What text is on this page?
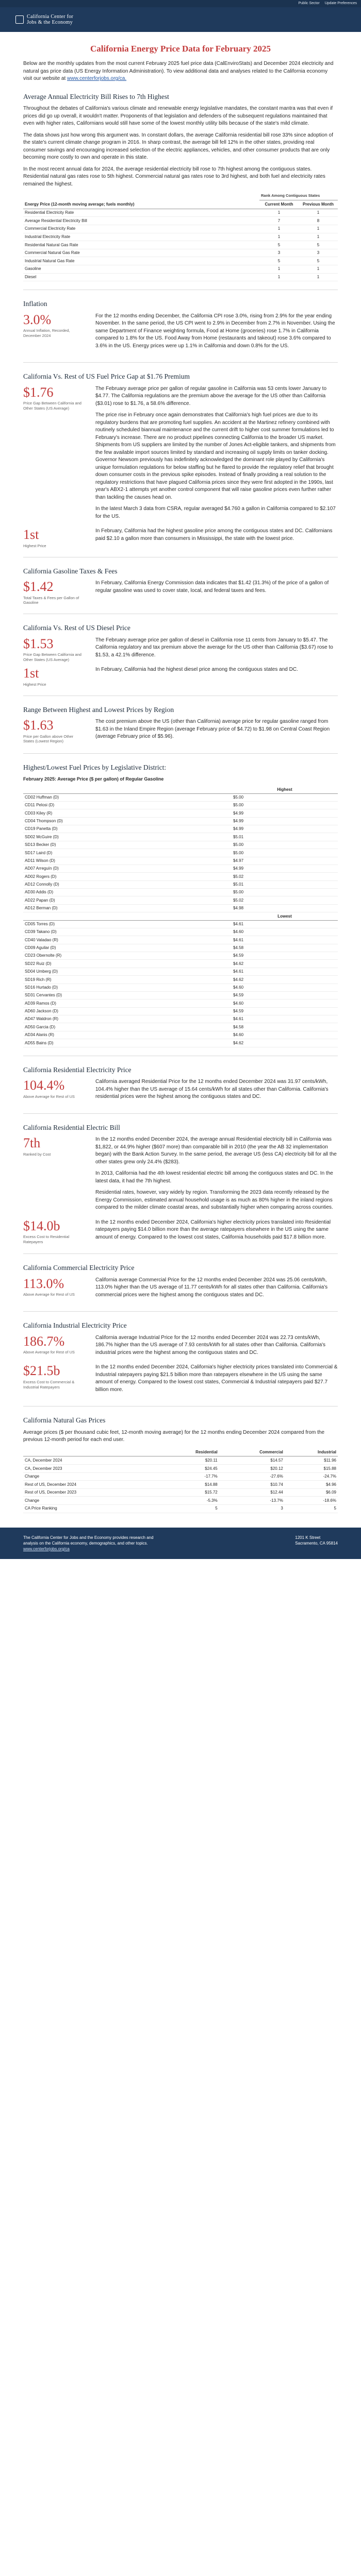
Public Sector Update Preferences
California Center for
Jobs & the Economy
California Energy Price Data for February 2025

Below are the monthly updates from the most current February 2025 fuel price data (CalEnviroStats) and December 2024 electricity and natural gas price data (US Energy Information Administration). To view additional data and analyses related to the California economy visit our website at www.centerforjobs.org/ca.

Average Annual Electricity Bill Rises to 7th Highest

Throughout the debates of California's various climate and renewable energy legislative mandates, the constant mantra was that even if prices did go up overall, it wouldn't matter. Proponents of that legislation and defenders of the subsequent regulations maintained that even with higher rates, Californians would still have some of the lowest monthly utility bills because of the state's mild climate.

The data shows just how wrong this argument was. In constant dollars, the average California residential bill rose 33% since adoption of the state's current climate change program in 2016. In sharp contrast, the average bill fell 12% in the other states, providing real consumer savings and encouraging increased selection of the electric appliances, vehicles, and other consumer products that are only becoming more costly to own and operate in this state.

In the most recent annual data for 2024, the average residential electricity bill rose to 7th highest among the contiguous states. Residential natural gas rates rose to 5th highest. Commercial natural gas rates rose to 3rd highest, and both fuel and electricity rates remained the highest.

Energy Price (12-month moving average; fuels monthly)	Rank Among Contiguous States	
	Current Month	Previous Month
Residential Electricity Rate	1	1
Average Residential Electricity Bill	7	8
Commercial Electricity Rate	1	1
Industrial Electricity Rate	1	1
Residential Natural Gas Rate	5	5
Commercial Natural Gas Rate	3	3
Industrial Natural Gas Rate	5	5
Gasoline	1	1
Diesel	1	1
Inflation
3.0%
Annual Inflation, Recorded, December 2024

For the 12 months ending December, the California CPI rose 3.0%, rising from 2.9% for the year ending November. In the same period, the US CPI went to 2.9% in December from 2.7% in November. Using the same Department of Finance weighting formula, Food at Home (groceries) rose 1.7% in California compared to 1.8% for the US. Food Away from Home (restaurants and takeout) rose 3.6% compared to 3.6% in the US. Energy prices were up 1.1% in California and down 0.8% for the US.

California Vs. Rest of US Fuel Price Gap at $1.76 Premium
$1.76
Price Gap Between California and Other States (US Average)

The February average price per gallon of regular gasoline in California was 53 cents lower January to $4.77. The California regulations are the premium above the average for the US other than California ($3.01) rose to $1.76, a 58.6% difference.

The price rise in February once again demonstrates that California's high fuel prices are due to its regulatory burdens that are promoting fuel supplies. An accident at the Martinez refinery combined with routinely scheduled biannual maintenance and the current drift to higher cost summer formulations led to February's increase. There are no product pipelines connecting California to the broader US market. Shipments from US suppliers are limited by the number of Jones Act-eligible tankers, and shipments from the few available import sources limited by standard and increasing oil supply limits on tanker docking. Governor Newsom previously has indefinitely acknowledged the dominant role played by California's unique formulation regulations for below staffing but he flared to provide the regulatory relief that brought down consumer costs in the previous spike episodes. Instead of finally providing a real solution to the regulatory restrictions that have plagued California prices since they were first adopted in the 1990s, last year's ABX2-1 attempts yet another control component that will raise gasoline prices even further rather than tackling the causes head on.

In the latest March 3 data from CSRA, regular averaged $4.760 a gallon in California compared to $2.107 for the US.

1st
Highest Price

In February, California had the highest gasoline price among the contiguous states and DC. Californians paid $2.10 a gallon more than consumers in Mississippi, the state with the lowest price.

California Gasoline Taxes & Fees
$1.42
Total Taxes & Fees per Gallon of Gasoline

In February, California Energy Commission data indicates that $1.42 (31.3%) of the price of a gallon of regular gasoline was used to cover state, local, and federal taxes and fees.

California Vs. Rest of US Diesel Price
$1.53
Price Gap Between California and Other States (US Average)

The February average price per gallon of diesel in California rose 11 cents from January to $5.47. The California regulatory and tax premium above the average for the US other than California ($3.67) rose to $1.53, a 42.1% difference.

1st
Highest Price

In February, California had the highest diesel price among the contiguous states and DC.

Range Between Highest and Lowest Prices by Region
$1.63
Price per Gallon above Other States (Lowest Region)

The cost premium above the US (other than California) average price for regular gasoline ranged from $1.63 in the Inland Empire Region (average February price of $4.72) to $1.98 on Central Coast Region (average February price of $5.96).

Highest/Lowest Fuel Prices by Legislative District:
February 2025: Average Price ($ per gallon) of Regular Gasoline
	Highest
CD02 Huffman (D)	$5.00
CD11 Pelosi (D)	$5.00
CD03 Kiley (R)	$4.99
CD04 Thompson (D)	$4.99
CD19 Panetta (D)	$4.99
SD02 McGuire (D)	$5.01
SD13 Becker (D)	$5.00
SD17 Laird (D)	$5.00
AD11 Wilson (D)	$4.97
AD07 Arreguín (D)	$4.99
AD02 Rogers (D)	$5.02
AD12 Connolly (D)	$5.01
AD30 Addis (D)	$5.00
AD22 Papan (D)	$5.02
AD12 Berman (D)	$4.98
	Lowest
CD05 Torres (D)	$4.61
CD39 Takano (D)	$4.60
CD40 Valadao (R)	$4.61
CD09 Aguilar (D)	$4.58
CD23 Obernolte (R)	$4.59
SD22 Ruiz (D)	$4.62
SD04 Umberg (D)	$4.61
SD19 Rich (R)	$4.62
SD16 Hurtado (D)	$4.60
SD31 Cervantes (D)	$4.59
AD39 Ramos (D)	$4.60
AD60 Jackson (D)	$4.59
AD47 Waldron (R)	$4.61
AD50 Garcia (D)	$4.58
AD34 Alanis (R)	$4.60
AD55 Bains (D)	$4.62
California Residential Electricity Price
104.4%
Above Average for Rest of US

California averaged Residential Price for the 12 months ended December 2024 was 31.97 cents/kWh, 104.4% higher than the US average of 15.64 cents/kWh for all states other than California. California's residential prices were the highest among the contiguous states and DC.

California Residential Electric Bill
7th
Ranked by Cost

In the 12 months ended December 2024, the average annual Residential electricity bill in California was $1,822, or 44.9% higher ($607 more) than comparable bill in 2010 (the year the AB 32 implementation began) with the Bank Action Survey. In the same period, the average US (less CA) electricity bill for all the other states grew only 24.4% ($283).

In 2013, California had the 4th lowest residential electric bill among the contiguous states and DC. In the latest data, it had the 7th highest.

Residential rates, however, vary widely by region. Transforming the 2023 data recently released by the Energy Commission, estimated annual household usage is as much as 80% higher in the inland regions compared to the milder climate coastal areas, and substantially higher when comparing across counties.

$14.0b
Excess Cost to Residential Ratepayers

In the 12 months ended December 2024, California's higher electricity prices translated into Residential ratepayers paying $14.0 billion more than the average ratepayers elsewhere in the US using the same amount of energy. Compared to the lowest cost states, California households paid $17.8 billion more.

California Commercial Electricity Price
113.0%
Above Average for Rest of US

California average Commercial Price for the 12 months ended December 2024 was 25.06 cents/kWh, 113.0% higher than the US average of 11.77 cents/kWh for all states other than California. California's commercial prices were the highest among the contiguous states and DC.

California Industrial Electricity Price
186.7%
Above Average for Rest of US

California average Industrial Price for the 12 months ended December 2024 was 22.73 cents/kWh, 186.7% higher than the US average of 7.93 cents/kWh for all states other than California. California's industrial prices were the highest among the contiguous states and DC.

$21.5b
Excess Cost to Commercial & Industrial Ratepayers

In the 12 months ended December 2024, California's higher electricity prices translated into Commercial & Industrial ratepayers paying $21.5 billion more than ratepayers elsewhere in the US using the same amount of energy. Compared to the lowest cost states, Commercial & Industrial ratepayers paid $27.7 billion more.

California Natural Gas Prices

Average prices ($ per thousand cubic feet, 12-month moving average) for the 12 months ending December 2024 compared from the previous 12-month period for each end user.

	Residential	Commercial	Industrial
CA, December 2024	$20.11	$14.57	$11.96
CA, December 2023	$24.45	$20.12	$15.88
Change	-17.7%	-27.6%	-24.7%
Rest of US, December 2024	$14.88	$10.74	$4.96
Rest of US, December 2023	$15.72	$12.44	$6.09
Change	-5.3%	-13.7%	-18.6%
CA Price Ranking	5	3	5
The California Center for Jobs and the Economy provides research and analysis on the California economy, demographics, and other topics.
www.centerforjobs.org/ca
1201 K Street
Sacramento, CA 95814
